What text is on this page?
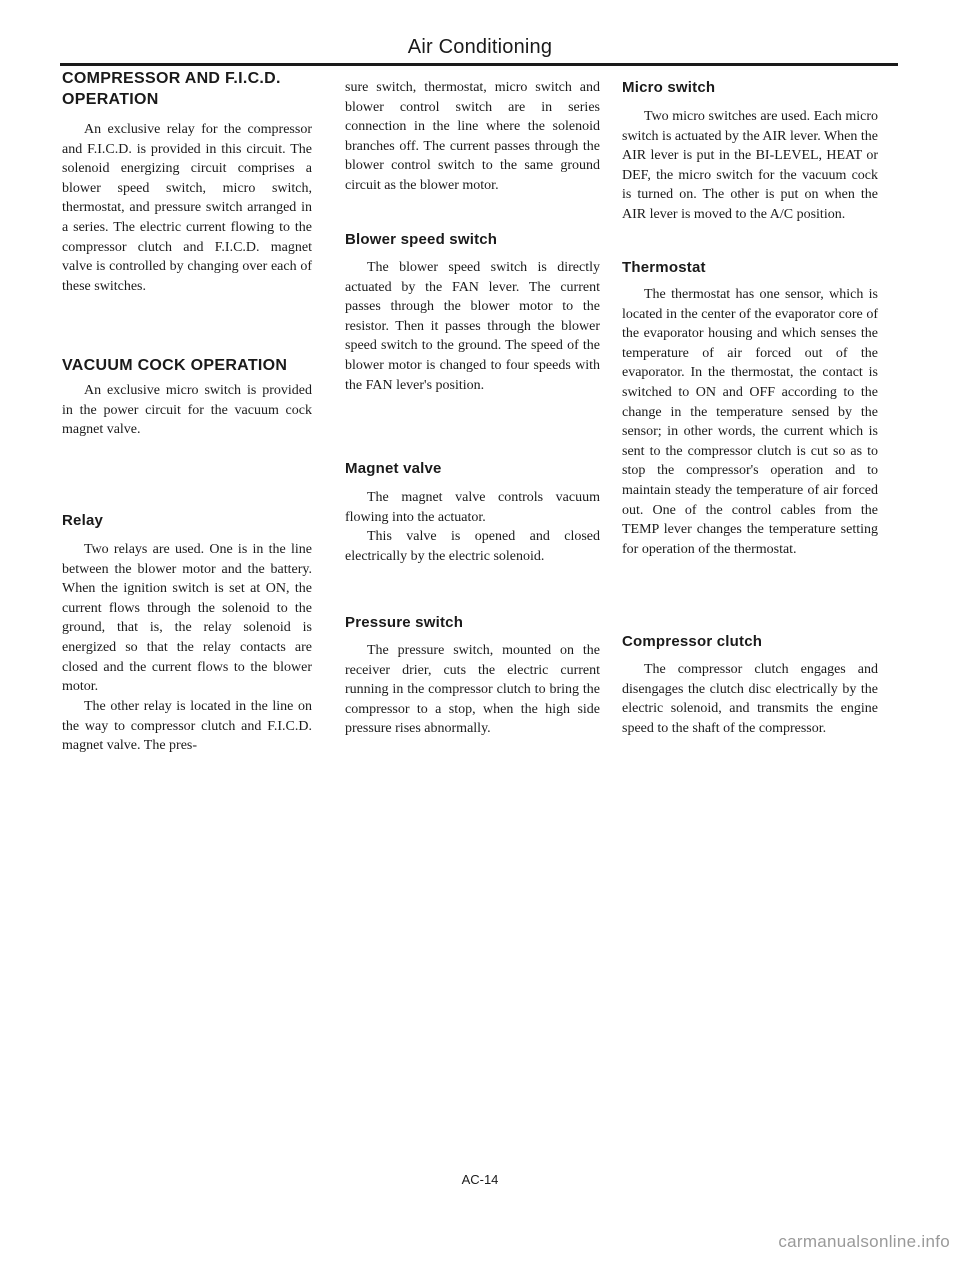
Air Conditioning
COMPRESSOR AND F.I.C.D.
OPERATION
An exclusive relay for the compressor and F.I.C.D. is provided in this circuit. The solenoid energizing circuit comprises a blower speed switch, micro switch, thermostat, and pressure switch arranged in a series. The electric current flowing to the compressor clutch and F.I.C.D. magnet valve is controlled by changing over each of these switches.
VACUUM COCK OPERATION
An exclusive micro switch is provided in the power circuit for the vacuum cock magnet valve.
Relay
Two relays are used. One is in the line between the blower motor and the battery. When the ignition switch is set at ON, the current flows through the solenoid to the ground, that is, the relay solenoid is energized so that the relay contacts are closed and the current flows to the blower motor.
The other relay is located in the line on the way to compressor clutch and F.I.C.D. magnet valve. The pres-
sure switch, thermostat, micro switch and blower control switch are in series connection in the line where the solenoid branches off. The current passes through the blower control switch to the same ground circuit as the blower motor.
Blower speed switch
The blower speed switch is directly actuated by the FAN lever. The current passes through the blower motor to the resistor. Then it passes through the blower speed switch to the ground. The speed of the blower motor is changed to four speeds with the FAN lever's position.
Magnet valve
The magnet valve controls vacuum flowing into the actuator.
This valve is opened and closed electrically by the electric solenoid.
Pressure switch
The pressure switch, mounted on the receiver drier, cuts the electric current running in the compressor clutch to bring the compressor to a stop, when the high side pressure rises abnormally.
Micro switch
Two micro switches are used. Each micro switch is actuated by the AIR lever. When the AIR lever is put in the BI-LEVEL, HEAT or DEF, the micro switch for the vacuum cock is turned on. The other is put on when the AIR lever is moved to the A/C position.
Thermostat
The thermostat has one sensor, which is located in the center of the evaporator core of the evaporator housing and which senses the temperature of air forced out of the evaporator. In the thermostat, the contact is switched to ON and OFF according to the change in the temperature sensed by the sensor; in other words, the current which is sent to the compressor clutch is cut so as to stop the compressor's operation and to maintain steady the temperature of air forced out. One of the control cables from the TEMP lever changes the temperature setting for operation of the thermostat.
Compressor clutch
The compressor clutch engages and disengages the clutch disc electrically by the electric solenoid, and transmits the engine speed to the shaft of the compressor.
AC-14
carmanualsonline.info
